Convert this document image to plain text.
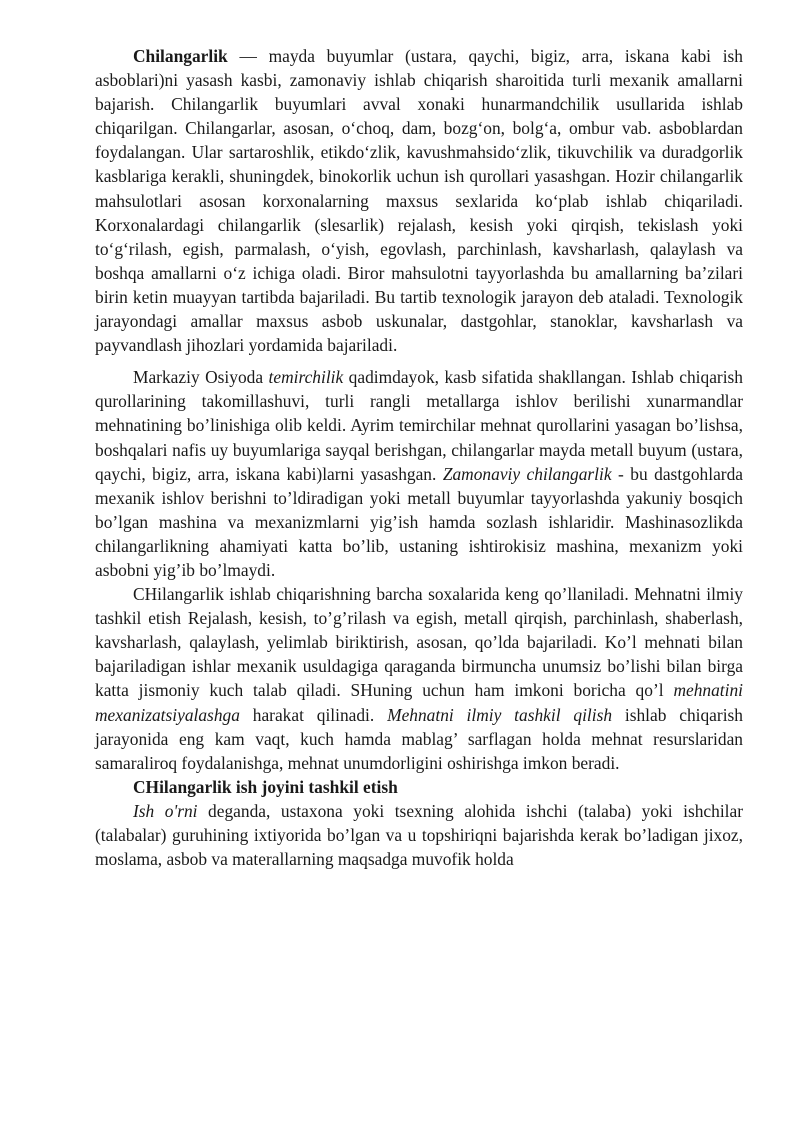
Chilangarlik — mayda buyumlar (ustara, qaychi, bigiz, arra, iskana kabi ish asboblari)ni yasash kasbi, zamonaviy ishlab chiqarish sharoitida turli mexanik amallarni bajarish. Chilangarlik buyumlari avval xonaki hunarmandchilik usullarida ishlab chiqarilgan. Chilangarlar, asosan, o‘choq, dam, bozg‘on, bolg‘a, ombur vab. asboblardan foydalangan. Ular sartaroshlik, etikdo‘zlik, kavushmahsido‘zlik, tikuvchilik va duradgorlik kasblariga kerakli, shuningdek, binokorlik uchun ish qurollari yasashgan. Hozir chilangarlik mahsulotlari asosan korxonalarning maxsus sexlarida ko‘plab ishlab chiqariladi. Korxonalardagi chilangarlik (slesarlik) rejalash, kesish yoki qirqish, tekislash yoki to‘g‘rilash, egish, parmalash, o‘yish, egovlash, parchinlash, kavsharlash, qalaylash va boshqa amallarni o‘z ichiga oladi. Biror mahsulotni tayyorlashda bu amallarning ba’zilari birin ketin muayyan tartibda bajariladi. Bu tartib texnologik jarayon deb ataladi. Texnologik jarayondagi amallar maxsus asbob uskunalar, dastgohlar, stanoklar, kavsharlash va payvandlash jihozlari yordamida bajariladi.

Markaziy Osiyoda temirchilik qadimdayok, kasb sifatida shakllangan. Ishlab chiqarish qurollarining takomillashuvi, turli rangli metallarga ishlov berilishi xunarmandlar mehnatining bo’linishiga olib keldi. Ayrim temirchilar mehnat qurollarini yasagan bo’lishsa, boshqalari nafis uy buyumlariga sayqal berishgan, chilangarlar mayda metall buyum (ustara, qaychi, bigiz, arra, iskana kabi)larni yasashgan. Zamonaviy chilangarlik - bu dastgohlarda mexanik ishlov berishni to’ldiradigan yoki metall buyumlar tayyorlashda yakuniy bosqich bo’lgan mashina va mexanizmlarni yig’ish hamda sozlash ishlaridir. Mashinasozlikda chilangarlikning ahamiyati katta bo’lib, ustaning ishtirokisiz mashina, mexanizm yoki asbobni yig’ib bo’lmaydi.

CHilangarlik ishlab chiqarishning barcha soxalarida keng qo’llaniladi. Mehnatni ilmiy tashkil etish Rejalash, kesish, to’g’rilash va egish, metall qirqish, parchinlash, shaberlash, kavsharlash, qalaylash, yelimlab biriktirish, asosan, qo’lda bajariladi. Ko’l mehnati bilan bajariladigan ishlar mexanik usuldagiga qaraganda birmuncha unumsiz bo’lishi bilan birga katta jismoniy kuch talab qiladi. SHuning uchun ham imkoni boricha qo’l mehnatini mexanizatsiyalashga harakat qilinadi. Mehnatni ilmiy tashkil qilish ishlab chiqarish jarayonida eng kam vaqt, kuch hamda mablag’ sarflagan holda mehnat resurslaridan samaraliroq foydalanishga, mehnat unumdorligini oshirishga imkon beradi.

CHilangarlik ish joyini tashkil etish

Ish o'rni deganda, ustaxona yoki tsexning alohida ishchi (talaba) yoki ishchilar (talabalar) guruhining ixtiyorida bo’lgan va u topshiriqni bajarishda kerak bo’ladigan jixoz, moslama, asbob va materallarning maqsadga muvofik holda
